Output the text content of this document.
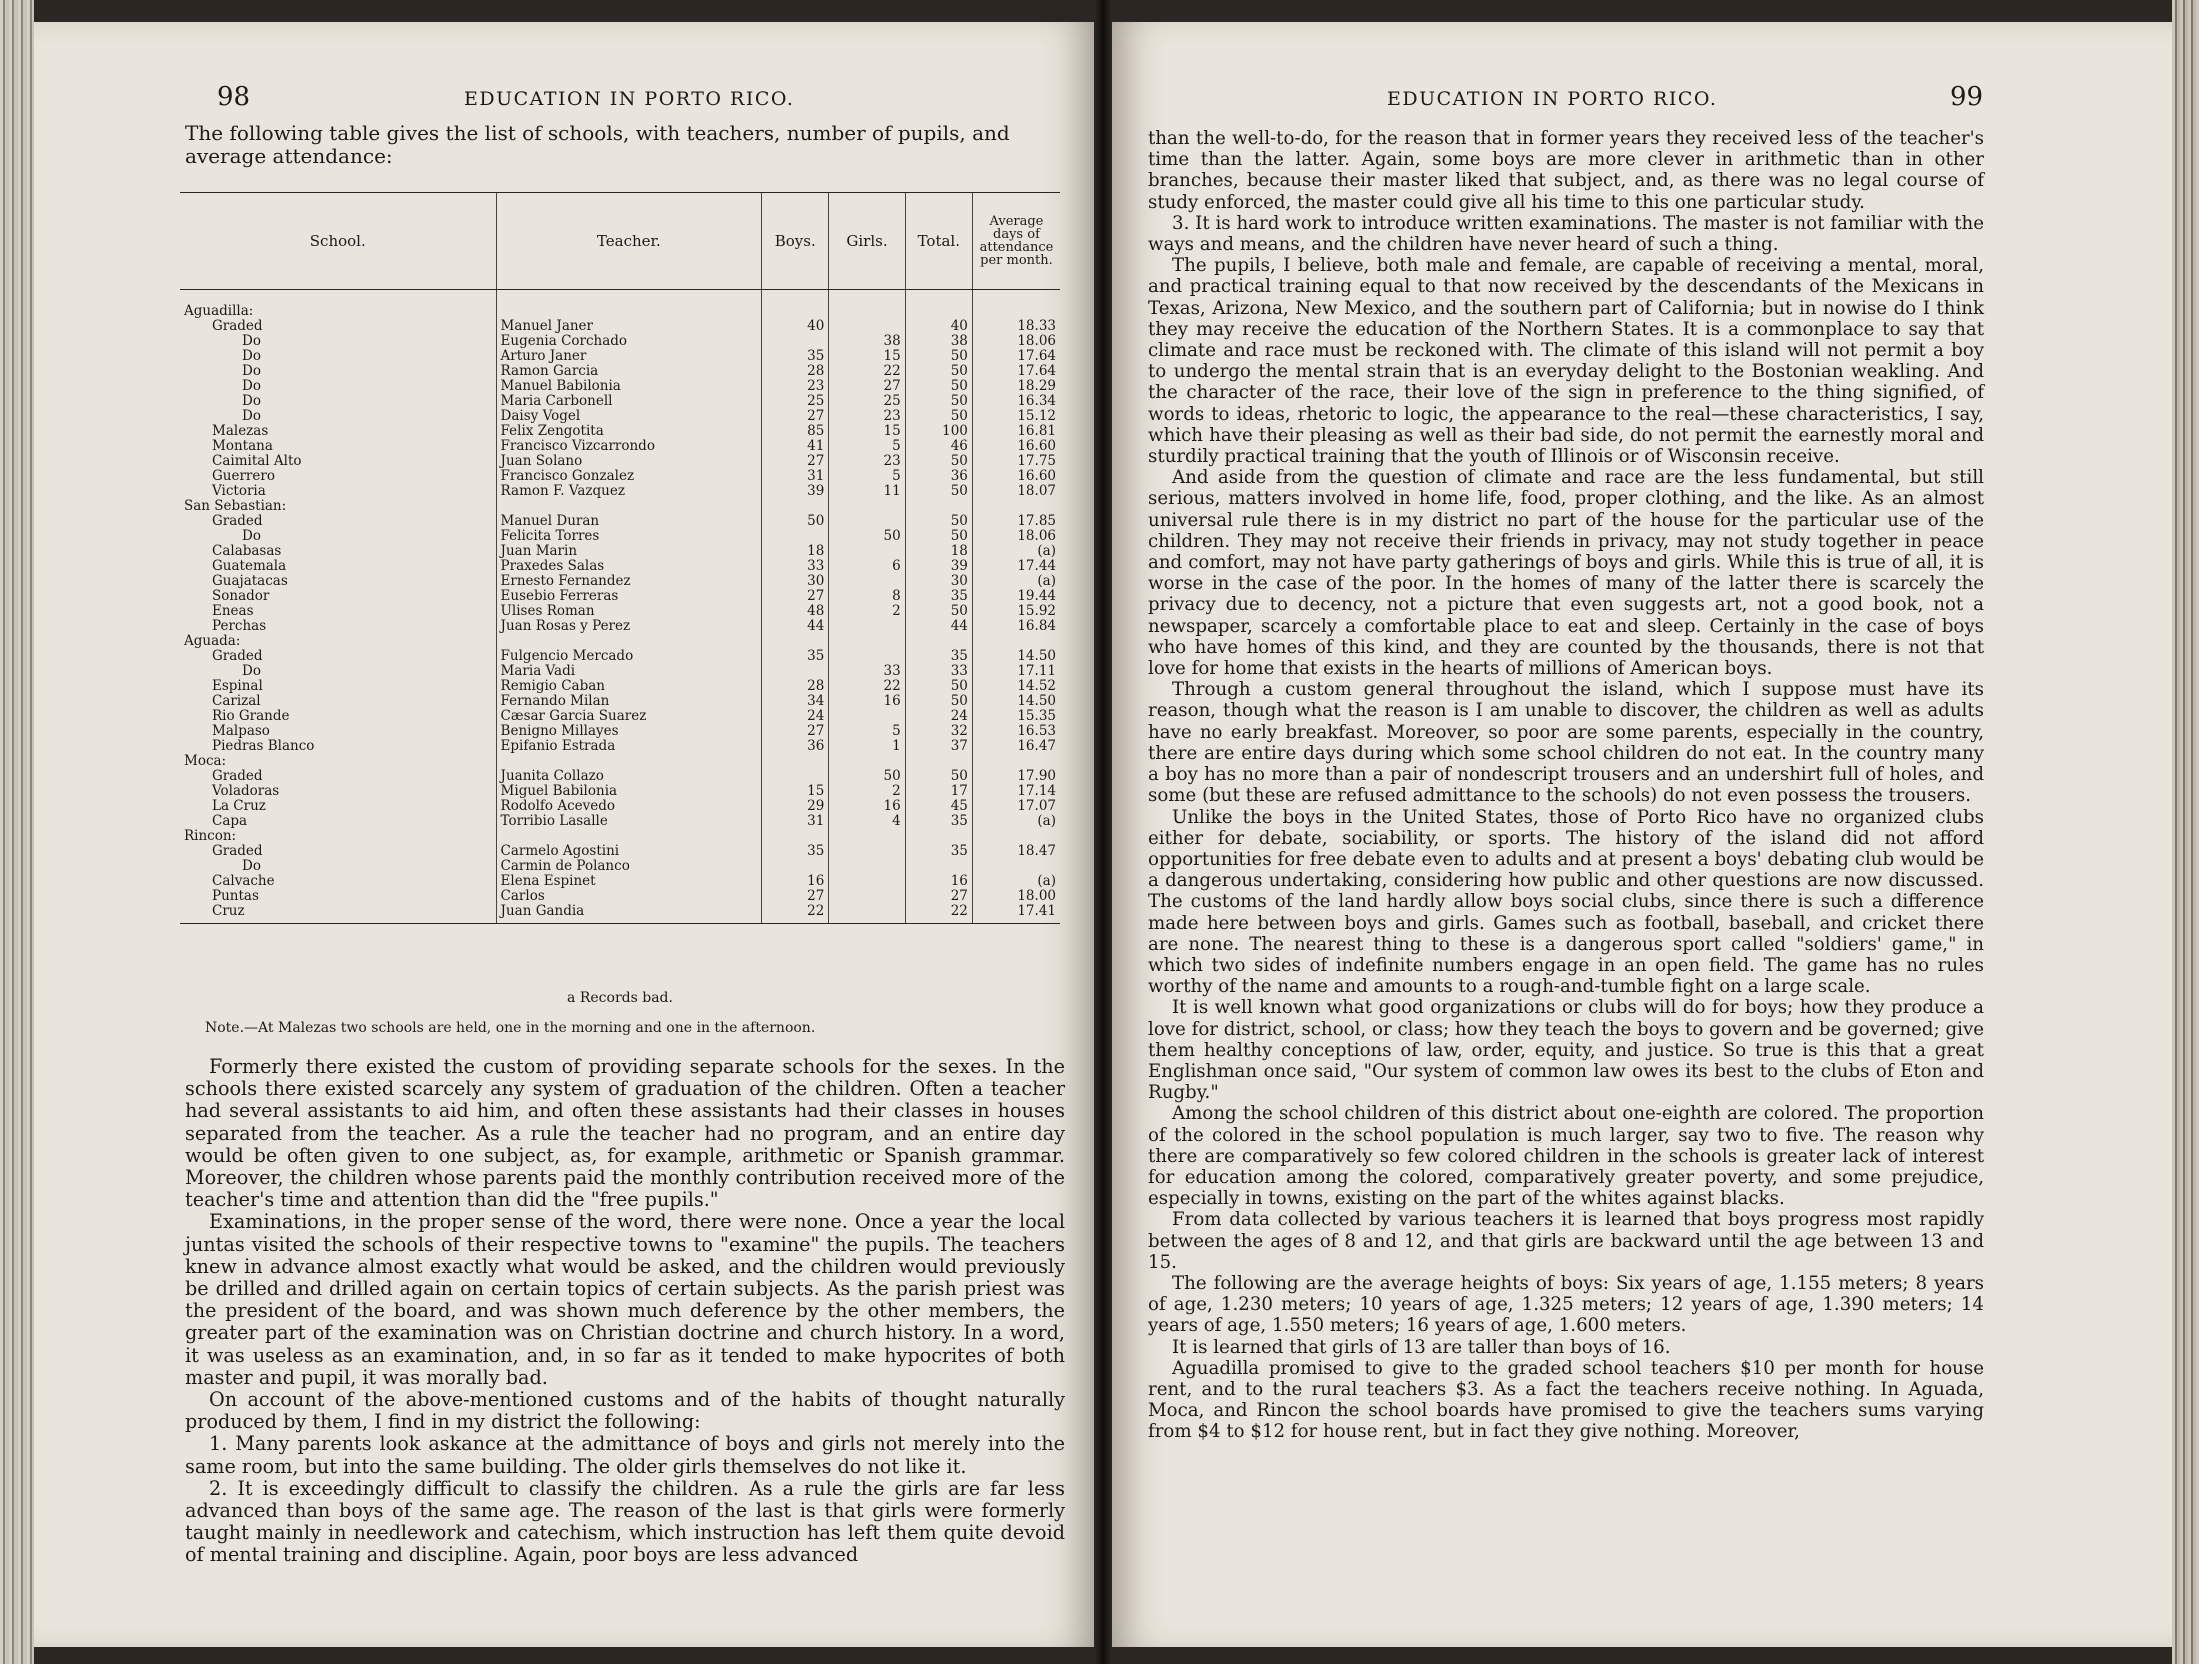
98	EDUCATION IN PORTO RICO.

The following table gives the list of schools, with teachers, number of pupils, and average attendance:

School.	Teacher.	Boys.	Girls.	Total.	Average days of attendance per month.
Aguadilla:					
Graded	Manuel Janer	40		40	18.33
Do	Eugenia Corchado		38	38	18.06
Do	Arturo Janer	35	15	50	17.64
Do	Ramon Garcia	28	22	50	17.64
Do	Manuel Babilonia	23	27	50	18.29
Do	Maria Carbonell	25	25	50	16.34
Do	Daisy Vogel	27	23	50	15.12
Malezas	Felix Zengotita	85	15	100	16.81
Montana	Francisco Vizcarrondo	41	5	46	16.60
Caimital Alto	Juan Solano	27	23	50	17.75
Guerrero	Francisco Gonzalez	31	5	36	16.60
Victoria	Ramon F. Vazquez	39	11	50	18.07
San Sebastian:					
Graded	Manuel Duran	50		50	17.85
Do	Felicita Torres		50	50	18.06
Calabasas	Juan Marin	18		18	(a)
Guatemala	Praxedes Salas	33	6	39	17.44
Guajatacas	Ernesto Fernandez	30		30	(a)
Sonador	Eusebio Ferreras	27	8	35	19.44
Eneas	Ulises Roman	48	2	50	15.92
Perchas	Juan Rosas y Perez	44		44	16.84
Aguada:					
Graded	Fulgencio Mercado	35		35	14.50
Do	Maria Vadi		33	33	17.11
Espinal	Remigio Caban	28	22	50	14.52
Carizal	Fernando Milan	34	16	50	14.50
Rio Grande	Cæsar Garcia Suarez	24		24	15.35
Malpaso	Benigno Millayes	27	5	32	16.53
Piedras Blanco	Epifanio Estrada	36	1	37	16.47
Moca:					
Graded	Juanita Collazo		50	50	17.90
Voladoras	Miguel Babilonia	15	2	17	17.14
La Cruz	Rodolfo Acevedo	29	16	45	17.07
Capa	Torribio Lasalle	31	4	35	(a)
Rincon:					
Graded	Carmelo Agostini	35		35	18.47
Do	Carmin de Polanco				
Calvache	Elena Espinet	16		16	(a)
Puntas	Carlos	27		27	18.00
Cruz	Juan Gandia	22		22	17.41

a Records bad.

Note.—At Malezas two schools are held, one in the morning and one in the afternoon.

Formerly there existed the custom of providing separate schools for the sexes. In the schools there existed scarcely any system of graduation of the children. Often a teacher had several assistants to aid him, and often these assistants had their classes in houses separated from the teacher. As a rule the teacher had no program, and an entire day would be often given to one subject, as, for example, arithmetic or Spanish grammar. Moreover, the children whose parents paid the monthly contribution received more of the teacher's time and attention than did the "free pupils."

Examinations, in the proper sense of the word, there were none. Once a year the local juntas visited the schools of their respective towns to "examine" the pupils. The teachers knew in advance almost exactly what would be asked, and the children would previously be drilled and drilled again on certain topics of certain subjects. As the parish priest was the president of the board, and was shown much deference by the other members, the greater part of the examination was on Christian doctrine and church history. In a word, it was useless as an examination, and, in so far as it tended to make hypocrites of both master and pupil, it was morally bad.

On account of the above-mentioned customs and of the habits of thought naturally produced by them, I find in my district the following:

1. Many parents look askance at the admittance of boys and girls not merely into the same room, but into the same building. The older girls themselves do not like it.

2. It is exceedingly difficult to classify the children. As a rule the girls are far less advanced than boys of the same age. The reason of the last is that girls were formerly taught mainly in needlework and catechism, which instruction has left them quite devoid of mental training and discipline. Again, poor boys are less advanced

EDUCATION IN PORTO RICO.	99

than the well-to-do, for the reason that in former years they received less of the teacher's time than the latter. Again, some boys are more clever in arithmetic than in other branches, because their master liked that subject, and, as there was no legal course of study enforced, the master could give all his time to this one particular study.

3. It is hard work to introduce written examinations. The master is not familiar with the ways and means, and the children have never heard of such a thing.

The pupils, I believe, both male and female, are capable of receiving a mental, moral, and practical training equal to that now received by the descendants of the Mexicans in Texas, Arizona, New Mexico, and the southern part of California; but in nowise do I think they may receive the education of the Northern States. It is a commonplace to say that climate and race must be reckoned with. The climate of this island will not permit a boy to undergo the mental strain that is an everyday delight to the Bostonian weakling. And the character of the race, their love of the sign in preference to the thing signified, of words to ideas, rhetoric to logic, the appearance to the real—these characteristics, I say, which have their pleasing as well as their bad side, do not permit the earnestly moral and sturdily practical training that the youth of Illinois or of Wisconsin receive.

And aside from the question of climate and race are the less fundamental, but still serious, matters involved in home life, food, proper clothing, and the like. As an almost universal rule there is in my district no part of the house for the particular use of the children. They may not receive their friends in privacy, may not study together in peace and comfort, may not have party gatherings of boys and girls. While this is true of all, it is worse in the case of the poor. In the homes of many of the latter there is scarcely the privacy due to decency, not a picture that even suggests art, not a good book, not a newspaper, scarcely a comfortable place to eat and sleep. Certainly in the case of boys who have homes of this kind, and they are counted by the thousands, there is not that love for home that exists in the hearts of millions of American boys.

Through a custom general throughout the island, which I suppose must have its reason, though what the reason is I am unable to discover, the children as well as adults have no early breakfast. Moreover, so poor are some parents, especially in the country, there are entire days during which some school children do not eat. In the country many a boy has no more than a pair of nondescript trousers and an undershirt full of holes, and some (but these are refused admittance to the schools) do not even possess the trousers.

Unlike the boys in the United States, those of Porto Rico have no organized clubs either for debate, sociability, or sports. The history of the island did not afford opportunities for free debate even to adults and at present a boys' debating club would be a dangerous undertaking, considering how public and other questions are now discussed. The customs of the land hardly allow boys social clubs, since there is such a difference made here between boys and girls. Games such as football, baseball, and cricket there are none. The nearest thing to these is a dangerous sport called "soldiers' game," in which two sides of indefinite numbers engage in an open field. The game has no rules worthy of the name and amounts to a rough-and-tumble fight on a large scale.

It is well known what good organizations or clubs will do for boys; how they produce a love for district, school, or class; how they teach the boys to govern and be governed; give them healthy conceptions of law, order, equity, and justice. So true is this that a great Englishman once said, "Our system of common law owes its best to the clubs of Eton and Rugby."

Among the school children of this district about one-eighth are colored. The proportion of the colored in the school population is much larger, say two to five. The reason why there are comparatively so few colored children in the schools is greater lack of interest for education among the colored, comparatively greater poverty, and some prejudice, especially in towns, existing on the part of the whites against blacks.

From data collected by various teachers it is learned that boys progress most rapidly between the ages of 8 and 12, and that girls are backward until the age between 13 and 15.

The following are the average heights of boys: Six years of age, 1.155 meters; 8 years of age, 1.230 meters; 10 years of age, 1.325 meters; 12 years of age, 1.390 meters; 14 years of age, 1.550 meters; 16 years of age, 1.600 meters.

It is learned that girls of 13 are taller than boys of 16.

Aguadilla promised to give to the graded school teachers $10 per month for house rent, and to the rural teachers $3. As a fact the teachers receive nothing. In Aguada, Moca, and Rincon the school boards have promised to give the teachers sums varying from $4 to $12 for house rent, but in fact they give nothing. Moreover,
